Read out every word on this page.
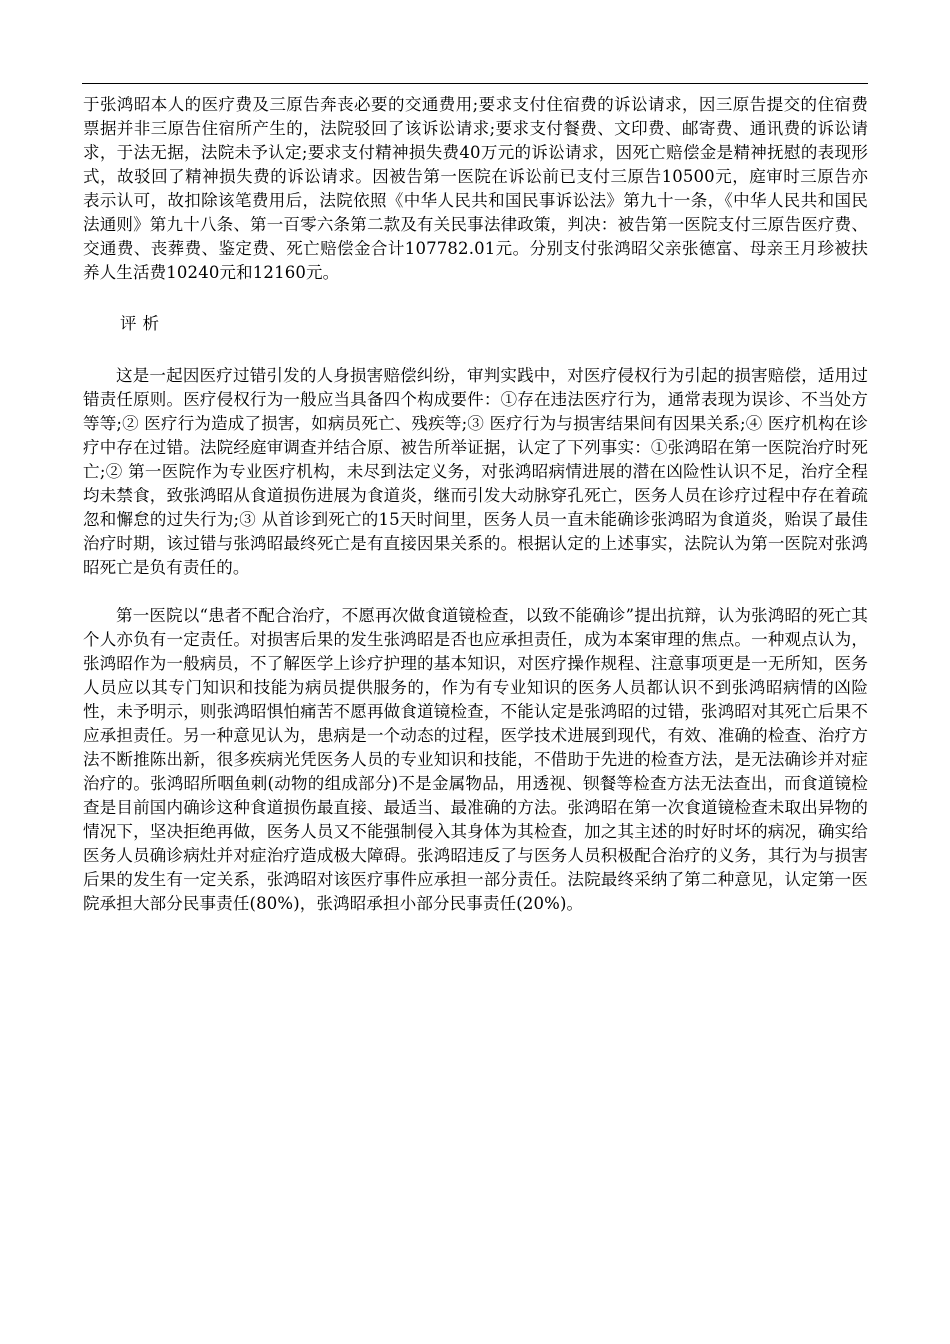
于张鸿昭本人的医疗费及三原告奔丧必要的交通费用;要求支付住宿费的诉讼请求，因三原告提交的住宿费票据并非三原告住宿所产生的，法院驳回了该诉讼请求;要求支付餐费、文印费、邮寄费、通讯费的诉讼请求，于法无据，法院未予认定;要求支付精神损失费40万元的诉讼请求，因死亡赔偿金是精神抚慰的表现形式，故驳回了精神损失费的诉讼请求。因被告第一医院在诉讼前已支付三原告10500元，庭审时三原告亦表示认可，故扣除该笔费用后，法院依照《中华人民共和国民事诉讼法》第九十一条，《中华人民共和国民法通则》第九十八条、第一百零六条第二款及有关民事法律政策，判决：被告第一医院支付三原告医疗费、交通费、丧葬费、鉴定费、死亡赔偿金合计107782.01元。分别支付张鸿昭父亲张德富、母亲王月珍被扶养人生活费10240元和12160元。

评析

这是一起因医疗过错引发的人身损害赔偿纠纷，审判实践中，对医疗侵权行为引起的损害赔偿，适用过错责任原则。医疗侵权行为一般应当具备四个构成要件：①存在违法医疗行为，通常表现为误诊、不当处方等等;② 医疗行为造成了损害，如病员死亡、残疾等;③ 医疗行为与损害结果间有因果关系;④ 医疗机构在诊疗中存在过错。法院经庭审调查并结合原、被告所举证据，认定了下列事实：①张鸿昭在第一医院治疗时死亡;② 第一医院作为专业医疗机构，未尽到法定义务，对张鸿昭病情进展的潜在凶险性认识不足，治疗全程均未禁食，致张鸿昭从食道损伤进展为食道炎，继而引发大动脉穿孔死亡，医务人员在诊疗过程中存在着疏忽和懈怠的过失行为;③ 从首诊到死亡的15天时间里，医务人员一直未能确诊张鸿昭为食道炎，贻误了最佳治疗时期，该过错与张鸿昭最终死亡是有直接因果关系的。根据认定的上述事实，法院认为第一医院对张鸿昭死亡是负有责任的。

第一医院以“患者不配合治疗，不愿再次做食道镜检查，以致不能确诊”提出抗辩，认为张鸿昭的死亡其个人亦负有一定责任。对损害后果的发生张鸿昭是否也应承担责任，成为本案审理的焦点。一种观点认为，张鸿昭作为一般病员，不了解医学上诊疗护理的基本知识，对医疗操作规程、注意事项更是一无所知，医务人员应以其专门知识和技能为病员提供服务的，作为有专业知识的医务人员都认识不到张鸿昭病情的凶险性，未予明示，则张鸿昭惧怕痛苦不愿再做食道镜检查，不能认定是张鸿昭的过错，张鸿昭对其死亡后果不应承担责任。另一种意见认为，患病是一个动态的过程，医学技术进展到现代，有效、准确的检查、治疗方法不断推陈出新，很多疾病光凭医务人员的专业知识和技能，不借助于先进的检查方法，是无法确诊并对症治疗的。张鸿昭所咽鱼刺(动物的组成部分)不是金属物品，用透视、钡餐等检查方法无法查出，而食道镜检查是目前国内确诊这种食道损伤最直接、最适当、最准确的方法。张鸿昭在第一次食道镜检查未取出异物的情况下，坚决拒绝再做，医务人员又不能强制侵入其身体为其检查，加之其主述的时好时坏的病况，确实给医务人员确诊病灶并对症治疗造成极大障碍。张鸿昭违反了与医务人员积极配合治疗的义务，其行为与损害后果的发生有一定关系，张鸿昭对该医疗事件应承担一部分责任。法院最终采纳了第二种意见，认定第一医院承担大部分民事责任(80%)，张鸿昭承担小部分民事责任(20%)。
